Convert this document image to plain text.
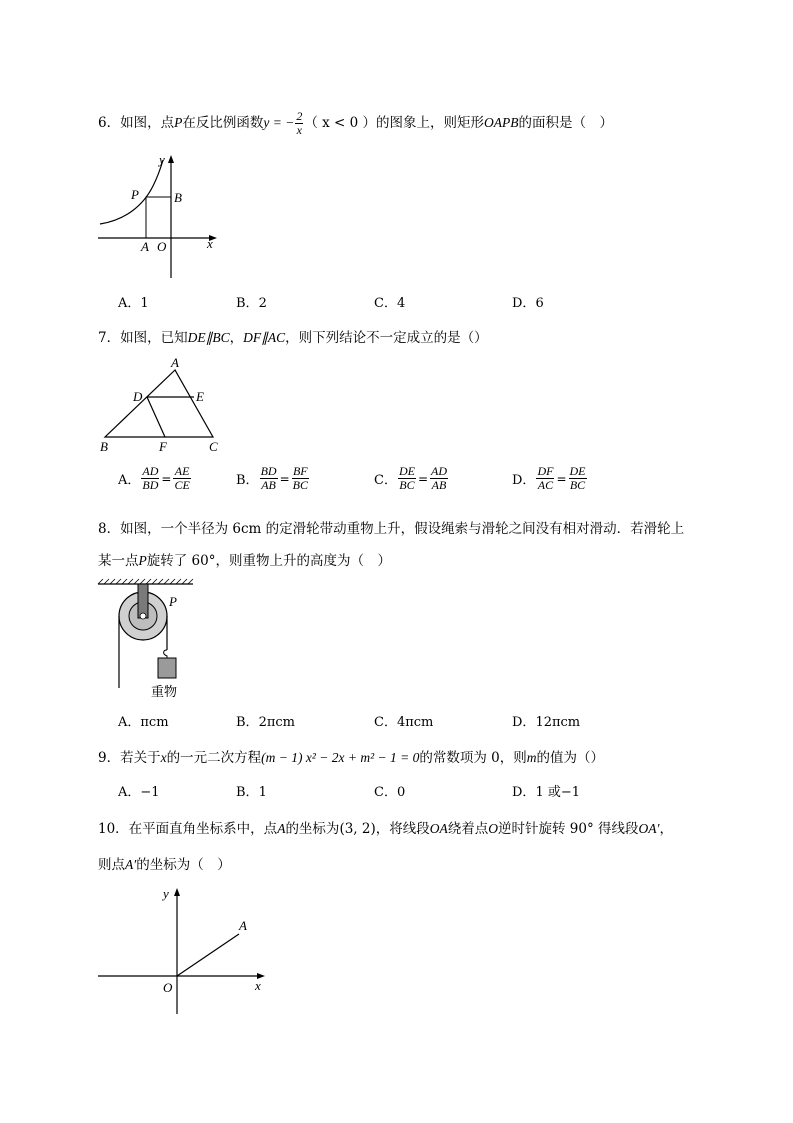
6．如图，点P在反比例函数y = − $\frac{2}{x}$ （ x < 0 ）的图象上，则矩形OAPB的面积是（　）
y
P	B
A O	x
A．1	B．2	C．4	D．6
7．如图，已知DE∥BC，DF∥AC，则下列结论不一定成立的是（）
A
D	E
B	F	C
A． $\frac{AD}{BD} = \frac{AE}{CE}$	B． $\frac{BD}{AB} = \frac{BF}{BC}$	C． $\frac{DE}{BC} = \frac{AD}{AB}$	D． $\frac{DF}{AC} = \frac{DE}{BC}$
8．如图，一个半径为 6cm 的定滑轮带动重物上升，假设绳索与滑轮之间没有相对滑动．若滑轮上
某一点P旋转了 60°，则重物上升的高度为（　）
P
重物
A．πcm	B．2πcm	C．4πcm	D．12πcm
9．若关于x的一元二次方程(m − 1) x² − 2x + m² − 1 = 0的常数项为 0，则m的值为（）
A．−1	B．1	C．0	D．1 或−1
10．在平面直角坐标系中，点A的坐标为(3, 2)，将线段OA绕着点O逆时针旋转 90° 得线段OA′，
则点A′的坐标为（　）
y
A
O	x
